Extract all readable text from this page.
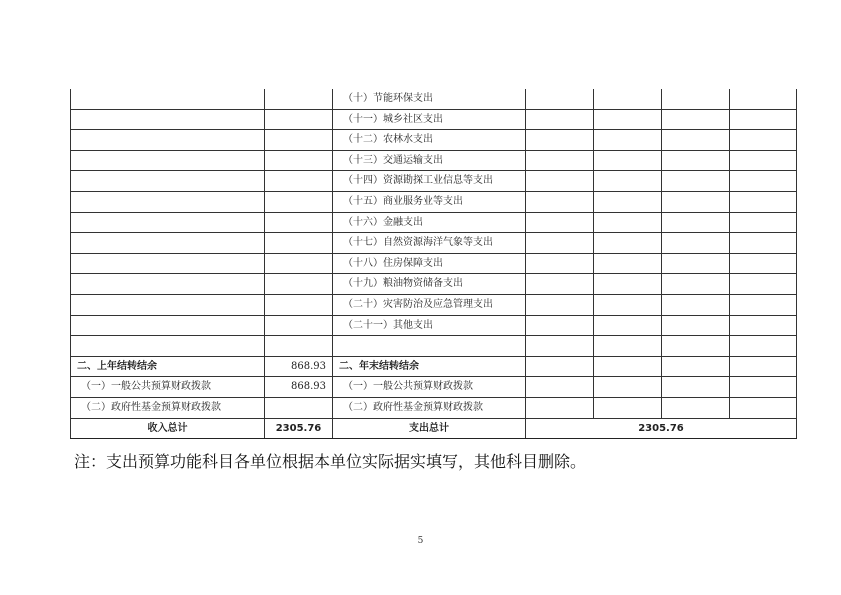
		（十）节能环保支出				
		（十一）城乡社区支出				
		（十二）农林水支出				
		（十三）交通运输支出				
		（十四）资源勘探工业信息等支出				
		（十五）商业服务业等支出				
		（十六）金融支出				
		（十七）自然资源海洋气象等支出				
		（十八）住房保障支出				
		（十九）粮油物资储备支出				
		（二十）灾害防治及应急管理支出				
		（二十一）其他支出				

二、上年结转结余	868.93	二、年末结转结余				
（一）一般公共预算财政拨款	868.93	（一）一般公共预算财政拨款				
（二）政府性基金预算财政拨款		（二）政府性基金预算财政拨款				
收入总计	2305.76	支出总计	2305.76			
注：支出预算功能科目各单位根据本单位实际据实填写，其他科目删除。
5
